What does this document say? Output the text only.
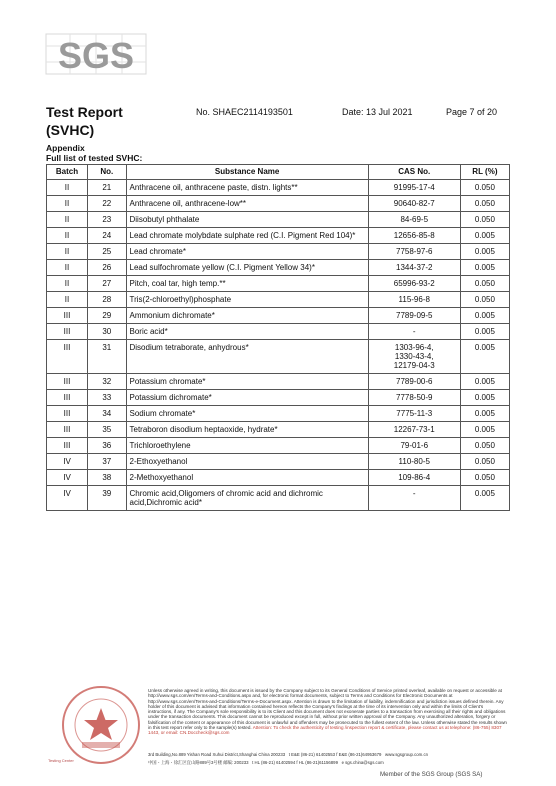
SGS
Test Report
(SVHC)
No. SHAEC2114193501	Date: 13 Jul 2021	Page 7 of 20
Appendix
Full list of tested SVHC:
Batch	No.	Substance Name	CAS No.	RL (%)
II	21	Anthracene oil, anthracene paste, distn. lights**	91995-17-4	0.050
II	22	Anthracene oil, anthracene-low**	90640-82-7	0.050
II	23	Diisobutyl phthalate	84-69-5	0.050
II	24	Lead chromate molybdate sulphate red (C.I. Pigment Red 104)*	12656-85-8	0.005
II	25	Lead chromate*	7758-97-6	0.005
II	26	Lead sulfochromate yellow (C.I. Pigment Yellow 34)*	1344-37-2	0.005
II	27	Pitch, coal tar, high temp.**	65996-93-2	0.050
II	28	Tris(2-chloroethyl)phosphate	115-96-8	0.050
III	29	Ammonium dichromate*	7789-09-5	0.005
III	30	Boric acid*	-	0.005
III	31	Disodium tetraborate, anhydrous*	1303-96-4,
1330-43-4,
12179-04-3	0.005
III	32	Potassium chromate*	7789-00-6	0.005
III	33	Potassium dichromate*	7778-50-9	0.005
III	34	Sodium chromate*	7775-11-3	0.005
III	35	Tetraboron disodium heptaoxide, hydrate*	12267-73-1	0.005
III	36	Trichloroethylene	79-01-6	0.050
IV	37	2-Ethoxyethanol	110-80-5	0.050
IV	38	2-Methoxyethanol	109-86-4	0.050
IV	39	Chromic acid,Oligomers of chromic acid and dichromic acid,Dichromic acid*	-	0.005
Testing Center
Unless otherwise agreed in writing, this document is issued by the Company subject to its General Conditions of Service printed overleaf, available on request or accessible at http://www.sgs.com/en/Terms-and-Conditions.aspx and, for electronic format documents, subject to Terms and Conditions for Electronic Documents at http://www.sgs.com/en/Terms-and-Conditions/Terms-e-Document.aspx. Attention is drawn to the limitation of liability, indemnification and jurisdiction issues defined therein. Any holder of this document is advised that information contained hereon reflects the Company's findings at the time of its intervention only and within the limits of Client's instructions, if any. The Company's sole responsibility is to its Client and this document does not exonerate parties to a transaction from exercising all their rights and obligations under the transaction documents. This document cannot be reproduced except in full, without prior written approval of the Company. Any unauthorized alteration, forgery or falsification of the content or appearance of this document is unlawful and offenders may be prosecuted to the fullest extent of the law. Unless otherwise stated the results shown in this test report refer only to the sample(s) tested. Attention: To check the authenticity of testing /inspection report & certificate, please contact us at telephone: (86-755) 8307 1443, or email: CN.Doccheck@sgs.com
3rd Building,No.889 Yishan Road Xuhui District,Shanghai China 200233 t E&E (86-21) 61402553 f E&E (86-21)64953679 www.sgsgroup.com.cn
中国・上海・徐汇区宜山路889号3号楼 邮编: 200233 t HL (86-21) 61402594 f HL (86-21)61156899 e sgs.china@sgs.com
Member of the SGS Group (SGS SA)
